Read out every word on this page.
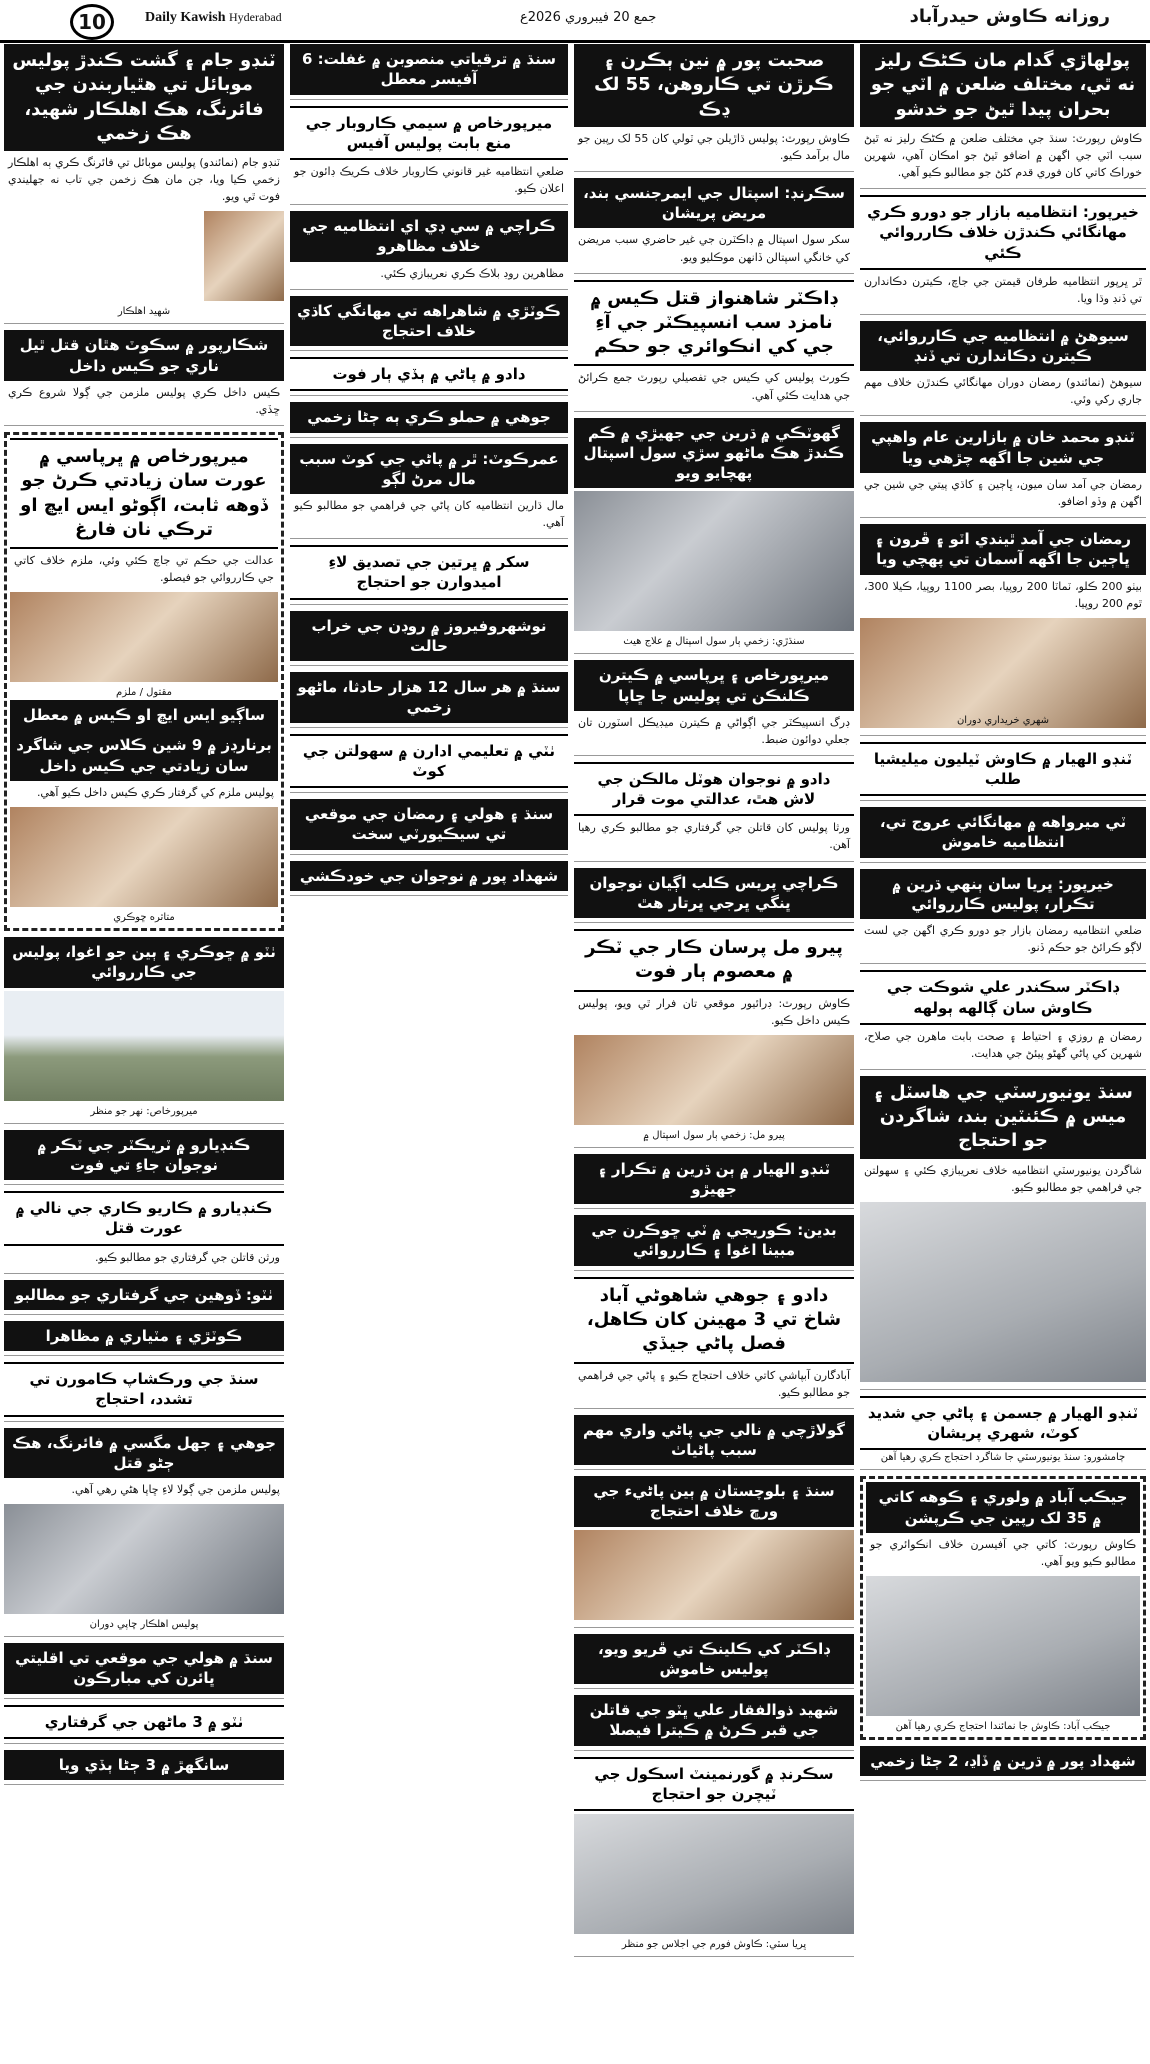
10	Daily Kawish Hyderabad	جمع 20 فيبروري 2026ع	روزانه ڪاوش حيدرآباد
پولهاڙي گدام مان ڪڻڪ رليز نه ٿي، مختلف ضلعن ۾ اٽي جو بحران پيدا ٿيڻ جو خدشو
ڪاوش رپورٽ: سنڌ جي مختلف ضلعن ۾ ڪڻڪ رليز نه ٿيڻ سبب اٽي جي اگهن ۾ اضافو ٿيڻ جو امڪان آهي، شهرين خوراڪ کاتي کان فوري قدم کڻڻ جو مطالبو ڪيو آهي.
خيرپور: انتظاميه بازار جو دورو ڪري مهانگائي ڪندڙن خلاف ڪارروائي ڪئي
ٿر ڀرپور انتظاميه طرفان قيمتن جي جاچ، ڪيترن دڪاندارن تي ڏنڊ وڌا ويا.
سيوهڻ ۾ انتظاميه جي ڪارروائي، ڪيترن دڪاندارن تي ڏنڊ
سيوهڻ (نمائندو) رمضان دوران مهانگائي ڪندڙن خلاف مهم جاري رکي وئي.
ٽنڊو محمد خان ۾ بازارين عام واهپي جي شين جا اگهه چڙهي ويا
رمضان جي آمد سان ميون، ڀاڄين ۽ کاڌي پيتي جي شين جي اگهن ۾ وڏو اضافو.
رمضان جي آمد ٿيندي اٽو ۽ ڦرون ۽ ڀاڄين جا اگهه آسمان تي پهچي ويا
بيٺو 200 ڪلو، ٽماٽا 200 روپيا، بصر 1100 روپيا، ڪيلا 300، ٿوم 200 روپيا.
شهري خريداري دوران
ٽنڊو الهيار ۾ ڪاوش ٽيليون ميليشيا طلب
ٽي ميرواهه ۾ مهانگائي عروج تي، انتظاميه خاموش
خيرپور: ڀريا سان ٻنهي ڌرين ۾ تڪرار، پوليس ڪارروائي
ضلعي انتظاميه رمضان بازار جو دورو ڪري اگهن جي لسٽ لاڳو ڪرائڻ جو حڪم ڏنو.
ڊاڪٽر سڪندر علي شوڪت جي ڪاوش سان ڳالهه ٻولهه
رمضان ۾ روزي ۽ احتياط ۽ صحت بابت ماهرن جي صلاح، شهرين کي پاڻي گهڻو پيئڻ جي هدايت.
سنڌ يونيورسٽي جي هاسٽل ۽ ميس ۾ ڪئنٽين بند، شاگردن جو احتجاج
شاگردن يونيورسٽي انتظاميه خلاف نعريبازي ڪئي ۽ سهولتن جي فراهمي جو مطالبو ڪيو.
ٽنڊو الهيار ۾ جسمن ۽ پاڻي جي شديد کوٽ، شهري پريشان
ڄامشورو: سنڌ يونيورسٽي جا شاگرد احتجاج ڪري رهيا آهن
جيڪب آباد ۾ ولوري ۽ ڪوهه کاتي ۾ 35 لک رپين جي ڪرپشن
ڪاوش رپورٽ: کاتي جي آفيسرن خلاف انڪوائري جو مطالبو ڪيو ويو آهي.
جيڪب آباد: ڪاوش جا نمائندا احتجاج ڪري رهيا آهن
شهداد پور ۾ ڌرين ۾ ڏاڍ، 2 ڄڻا زخمي
صحبت پور ۾ نين ٻڪرن ۽ ڪرڙن تي ڪاروهن، 55 لک ڍڪ
ڪاوش رپورٽ: پوليس ڌاڙيلن جي ٽولي کان 55 لک رپين جو مال برآمد ڪيو.
سڪرنڊ: اسپتال جي ايمرجنسي بند، مريض پريشان
سکر سول اسپتال ۾ ڊاڪٽرن جي غير حاضري سبب مريضن کي خانگي اسپتالن ڏانهن موڪليو ويو.
ڊاڪٽر شاهنواز قتل ڪيس ۾ نامزد سب انسپيڪٽر جي آءِ جي کي انڪوائري جو حڪم
ڪورٽ پوليس کي ڪيس جي تفصيلي رپورٽ جمع ڪرائڻ جي هدايت ڪئي آهي.
گهوٽڪي ۾ ڌرين جي جهيڙي ۾ ڪم ڪندڙ هڪ ماڻهو سڙي سول اسپتال پهچايو ويو
سنڌڙي: زخمي ٻار سول اسپتال ۾ علاج هيٺ
ميرپورخاص ۽ ڀرپاسي ۾ ڪيترن ڪلنڪن تي پوليس جا ڇاپا
ڊرگ انسپيڪٽر جي اڳواڻي ۾ ڪيترن ميڊيڪل اسٽورن تان جعلي دوائون ضبط.
دادو ۾ نوجوان هوٽل مالڪن جي لاش هٿ، عدالتي موت قرار
ورثا پوليس کان قاتلن جي گرفتاري جو مطالبو ڪري رهيا آهن.
ڪراچي پريس ڪلب اڳيان نوجوان ڀنگي ڀرجي ڀرتار هٿ
پيرو مل پرسان ڪار جي ٽڪر ۾ معصوم ٻار فوت
ڪاوش رپورٽ: ڊرائيور موقعي تان فرار ٿي ويو، پوليس ڪيس داخل ڪيو.
پيرو مل: زخمي ٻار سول اسپتال ۾
ٽنڊو الهيار ۾ ٻن ڌرين ۾ تڪرار ۽ جهيڙو
بدين: ڪوريجي ۾ ٽي ڇوڪرن جي مبينا اغوا ۽ ڪارروائي
دادو ۽ جوهي شاهوڻي آباد شاخ تي 3 مهينن کان ڪاهل، فصل پاڻي جيڏي
آبادگارن آبپاشي کاتي خلاف احتجاج ڪيو ۽ پاڻي جي فراهمي جو مطالبو ڪيو.
گولاڙچي ۾ نالي جي پاڻي واري مهم سبب پاڻياٺ
سنڌ ۽ بلوچستان ۾ ٻين پاڻيء جي ورڇ خلاف احتجاج
ڊاڪٽر کي ڪلينڪ تي ڦريو ويو، پوليس خاموش
شهيد ذوالفقار علي ڀٽو جي قاتلن جي قبر ڪرڻ ۾ ڪيترا فيصلا
سڪرنڊ ۾ گورنمينٽ اسڪول جي ٽيچرن جو احتجاج
ڀريا سٽي: ڪاوش فورم جي اجلاس جو منظر
سنڌ ۾ ترقياتي منصوبن ۾ غفلت: 6 آفيسر معطل
ميرپورخاص ۾ سيمي ڪاروبار جي منع بابت پوليس آفيس
ضلعي انتظاميه غير قانوني ڪاروبار خلاف ڪريڪ ڊائون جو اعلان ڪيو.
ڪراچي ۾ سي ڊي اي انتظاميه جي خلاف مظاهرو
مظاهرين روڊ بلاڪ ڪري نعريبازي ڪئي.
ڪوٽڙي ۾ شاهراهه تي مهانگي کاڌي خلاف احتجاج
دادو ۾ پاڻي ۾ ٻڏي ٻار فوت
جوهي ۾ حملو ڪري ٻه ڄڻا زخمي
عمرڪوٽ: ٿر ۾ پاڻي جي کوٽ سبب مال مرڻ لڳو
مال ڌارين انتظاميه کان پاڻي جي فراهمي جو مطالبو ڪيو آهي.
سکر ۾ ڀرتين جي تصديق لاءِ اميدوارن جو احتجاج
نوشهروفيروز ۾ روڊن جي خراب حالت
سنڌ ۾ هر سال 12 هزار حادثا، ماڻهو زخمي
ٺٽي ۾ تعليمي ادارن ۾ سهولتن جي کوٽ
سنڌ ۽ هولي ۽ رمضان جي موقعي تي سيڪيورٽي سخت
شهداد پور ۾ نوجوان جي خودڪشي
ٽنڊو جام ۽ گشت ڪندڙ پوليس موبائل تي هٿياربندن جي فائرنگ، هڪ اهلڪار شهيد، هڪ زخمي
ٽنڊو جام (نمائندو) پوليس موبائل تي فائرنگ ڪري ٻه اهلڪار زخمي ڪيا ويا، جن مان هڪ زخمن جي تاب نه جهليندي فوت ٿي ويو.
شهيد اهلڪار
شڪارپور ۾ سڪوٽ هٿان قتل ٿيل ناري جو ڪيس داخل
ڪيس داخل ڪري پوليس ملزمن جي ڳولا شروع ڪري ڇڏي.
ميرپورخاص ۾ ڀرپاسي ۾ عورت سان زيادتي ڪرڻ جو ڏوهه ثابت، اڳوڻو ايس ايڇ او ترڪي نان فارغ
عدالت جي حڪم تي جاچ ڪئي وئي، ملزم خلاف کاتي جي ڪارروائي جو فيصلو.
مقتول / ملزم
ساڳيو ايس ايڇ او ڪيس ۾ معطل
برنارڊز ۾ 9 شين ڪلاس جي شاگرد سان زيادتي جي ڪيس داخل
پوليس ملزم کي گرفتار ڪري ڪيس داخل ڪيو آهي.
متاثره ڇوڪري
ٺٽو ۾ ڇوڪري ۽ ٻين جو اغوا، پوليس جي ڪارروائي
ميرپورخاص: نهر جو منظر
ڪنڊيارو ۾ ٽريڪٽر جي ٽڪر ۾ نوجوان جاءِ تي فوت
ڪنڊيارو ۾ ڪاريو ڪاري جي نالي ۾ عورت قتل
ورثن قاتلن جي گرفتاري جو مطالبو ڪيو.
ٺٽو: ڏوهين جي گرفتاري جو مطالبو
ڪوٽڙي ۽ مٽياري ۾ مظاهرا
سنڌ جي ورڪشاپ ڪامورن تي تشدد، احتجاج
جوهي ۽ جهل مگسي ۾ فائرنگ، هڪ ڄڻو قتل
پوليس ملزمن جي ڳولا لاءِ ڇاپا هڻي رهي آهي.
پوليس اهلڪار ڇاپي دوران
سنڌ ۾ هولي جي موقعي تي اقليتي ڀائرن کي مبارڪون
ٺٽو ۾ 3 ماڻهن جي گرفتاري
سانگهڙ ۾ 3 ڄڻا ٻڏي ويا
